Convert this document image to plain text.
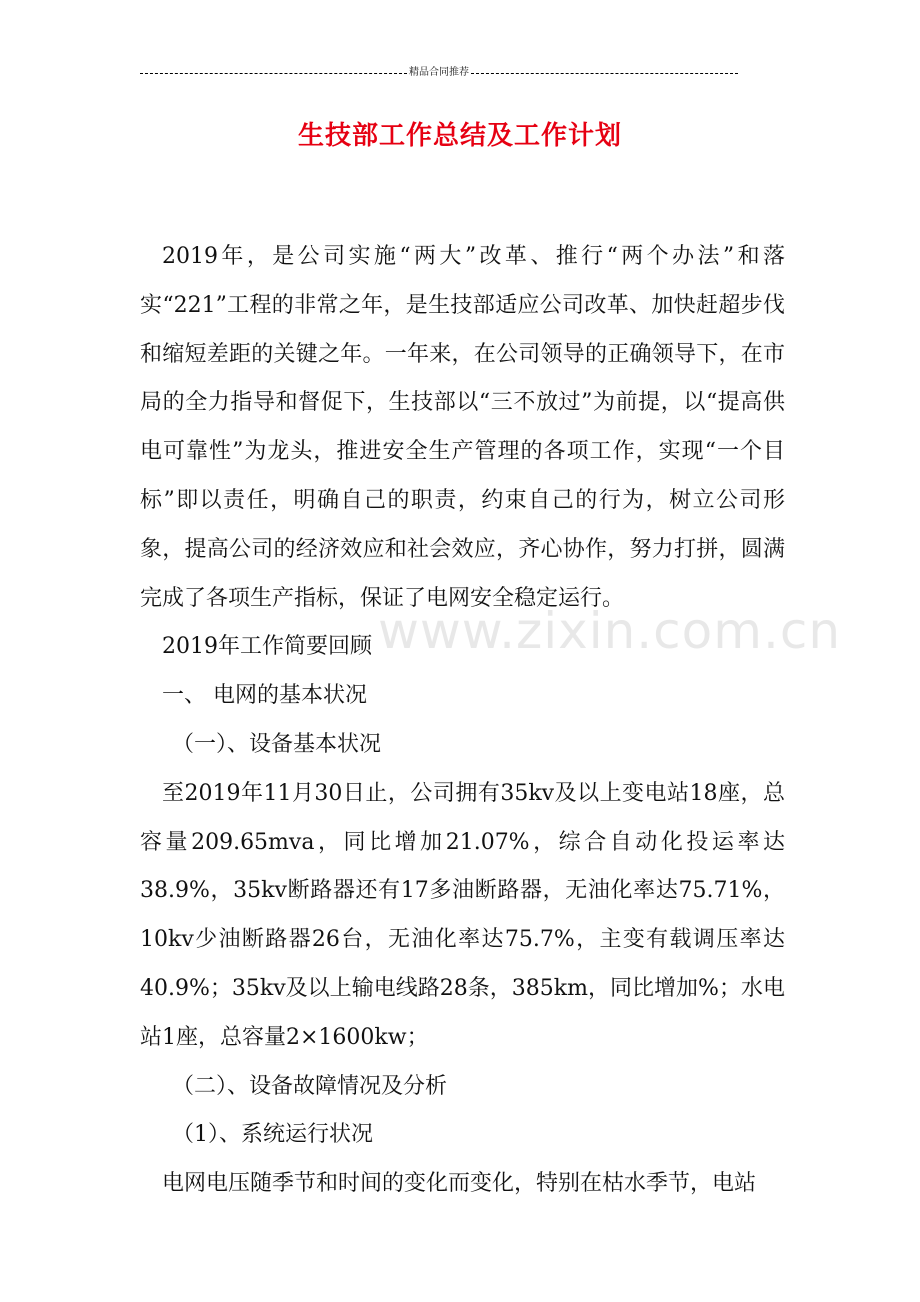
精品合同推荐
生技部工作总结及工作计划
www.zixin.com.cn

2019年，是公司实施“两大”改革、推行“两个办法”和落实“221”工程的非常之年，是生技部适应公司改革、加快赶超步伐和缩短差距的关键之年。一年来，在公司领导的正确领导下，在市局的全力指导和督促下，生技部以“三不放过”为前提，以“提高供电可靠性”为龙头，推进安全生产管理的各项工作，实现“一个目标”即以责任，明确自己的职责，约束自己的行为，树立公司形象，提高公司的经济效应和社会效应，齐心协作，努力打拼，圆满完成了各项生产指标，保证了电网安全稳定运行。

2019年工作简要回顾

一、 电网的基本状况

（一）、设备基本状况

至2019年11月30日止，公司拥有35kv及以上变电站18座，总容量209.65mva，同比增加21.07%，综合自动化投运率达38.9%，35kv断路器还有17多油断路器，无油化率达75.71%，10kv少油断路器26台，无油化率达75.7%，主变有载调压率达40.9%；35kv及以上输电线路28条，385km，同比增加%；水电站1座，总容量2×1600kw；

（二）、设备故障情况及分析

（1）、系统运行状况

电网电压随季节和时间的变化而变化，特别在枯水季节，电站
